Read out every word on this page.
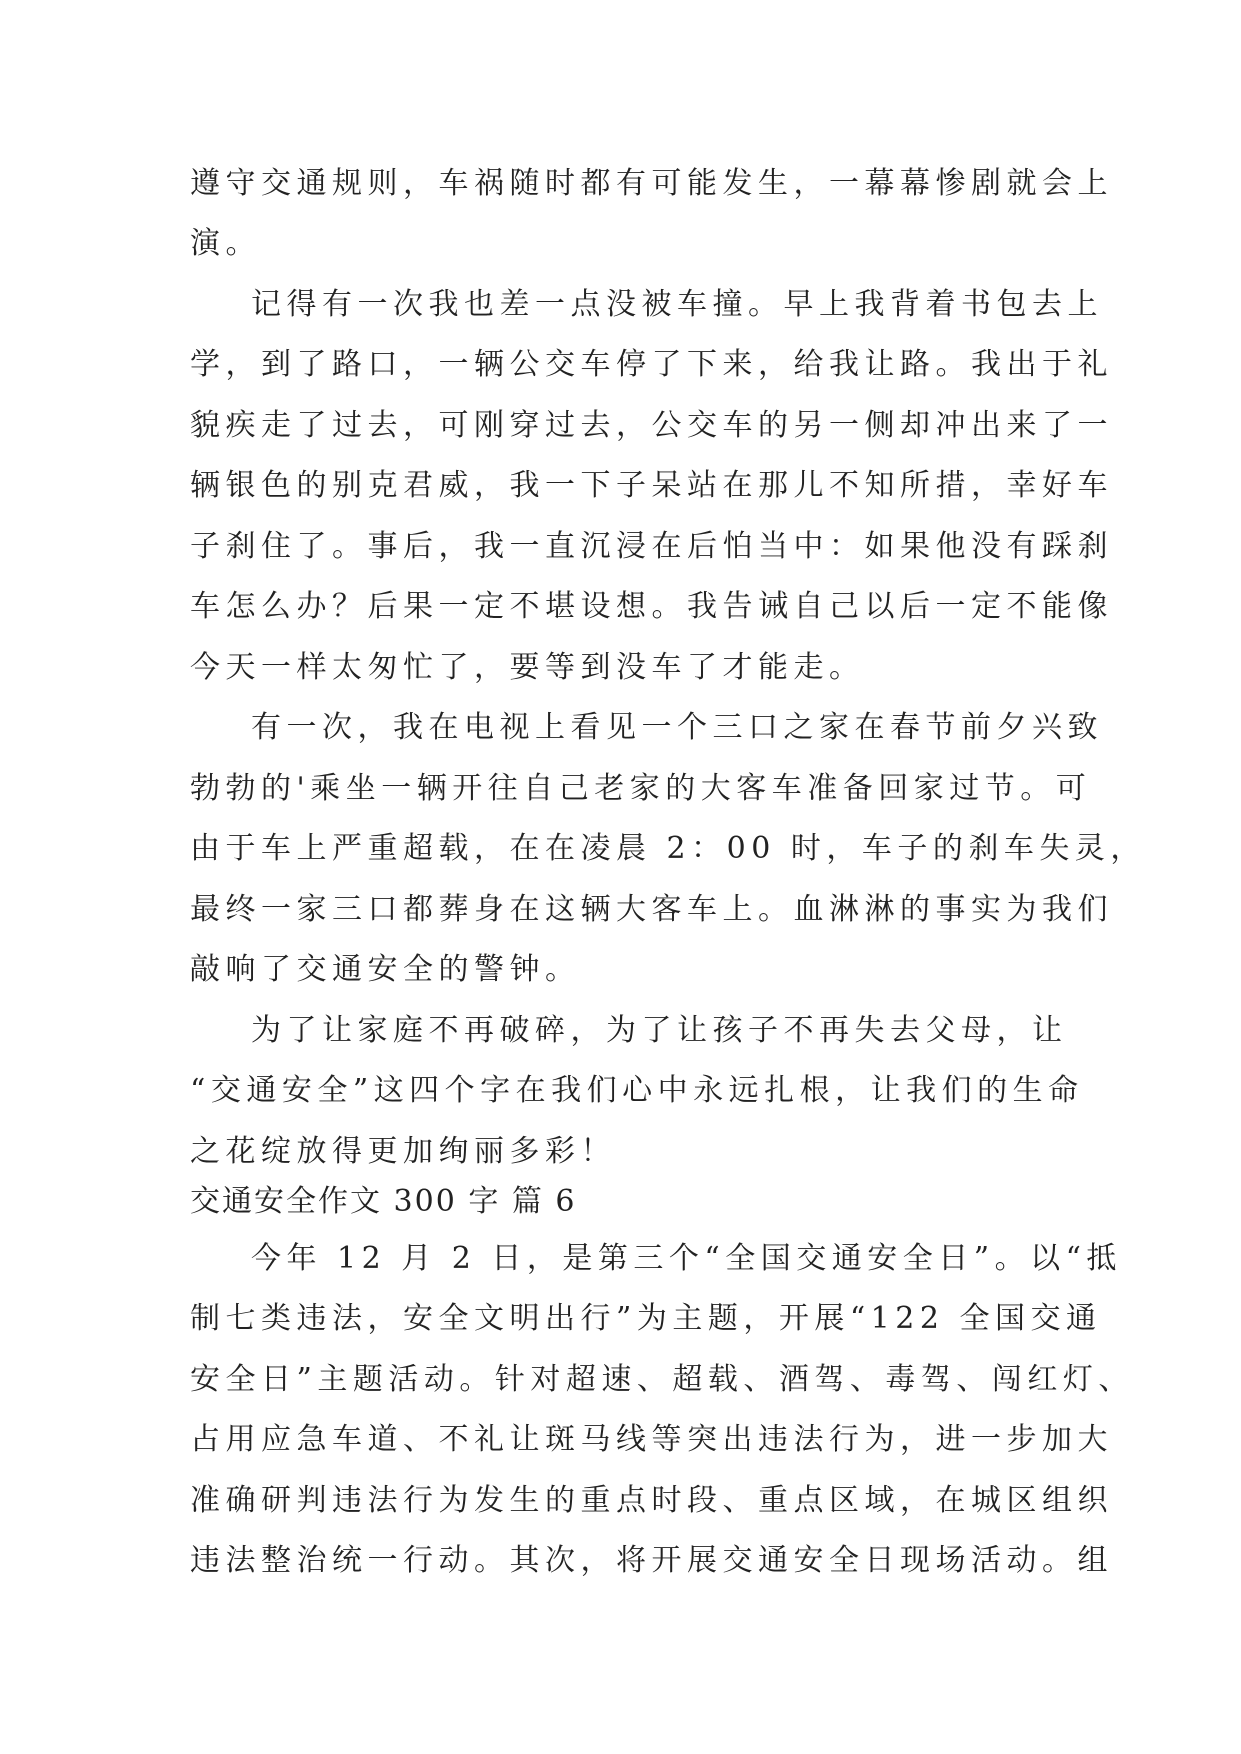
遵守交通规则，车祸随时都有可能发生，一幕幕惨剧就会上
演。
记得有一次我也差一点没被车撞。早上我背着书包去上
学，到了路口，一辆公交车停了下来，给我让路。我出于礼
貌疾走了过去，可刚穿过去，公交车的另一侧却冲出来了一
辆银色的别克君威，我一下子呆站在那儿不知所措，幸好车
子刹住了。事后，我一直沉浸在后怕当中：如果他没有踩刹
车怎么办？后果一定不堪设想。我告诫自己以后一定不能像
今天一样太匆忙了，要等到没车了才能走。
有一次，我在电视上看见一个三口之家在春节前夕兴致
勃勃的'乘坐一辆开往自己老家的大客车准备回家过节。可
由于车上严重超载，在在凌晨 2：00 时，车子的刹车失灵，
最终一家三口都葬身在这辆大客车上。血淋淋的事实为我们
敲响了交通安全的警钟。
为了让家庭不再破碎，为了让孩子不再失去父母，让
“交通安全”这四个字在我们心中永远扎根，让我们的生命
之花绽放得更加绚丽多彩！
交通安全作文 300 字 篇 6
今年 12 月 2 日，是第三个“全国交通安全日”。以“抵
制七类违法，安全文明出行”为主题，开展“122 全国交通
安全日”主题活动。针对超速、超载、酒驾、毒驾、闯红灯、
占用应急车道、不礼让斑马线等突出违法行为，进一步加大
准确研判违法行为发生的重点时段、重点区域，在城区组织
违法整治统一行动。其次，将开展交通安全日现场活动。组
